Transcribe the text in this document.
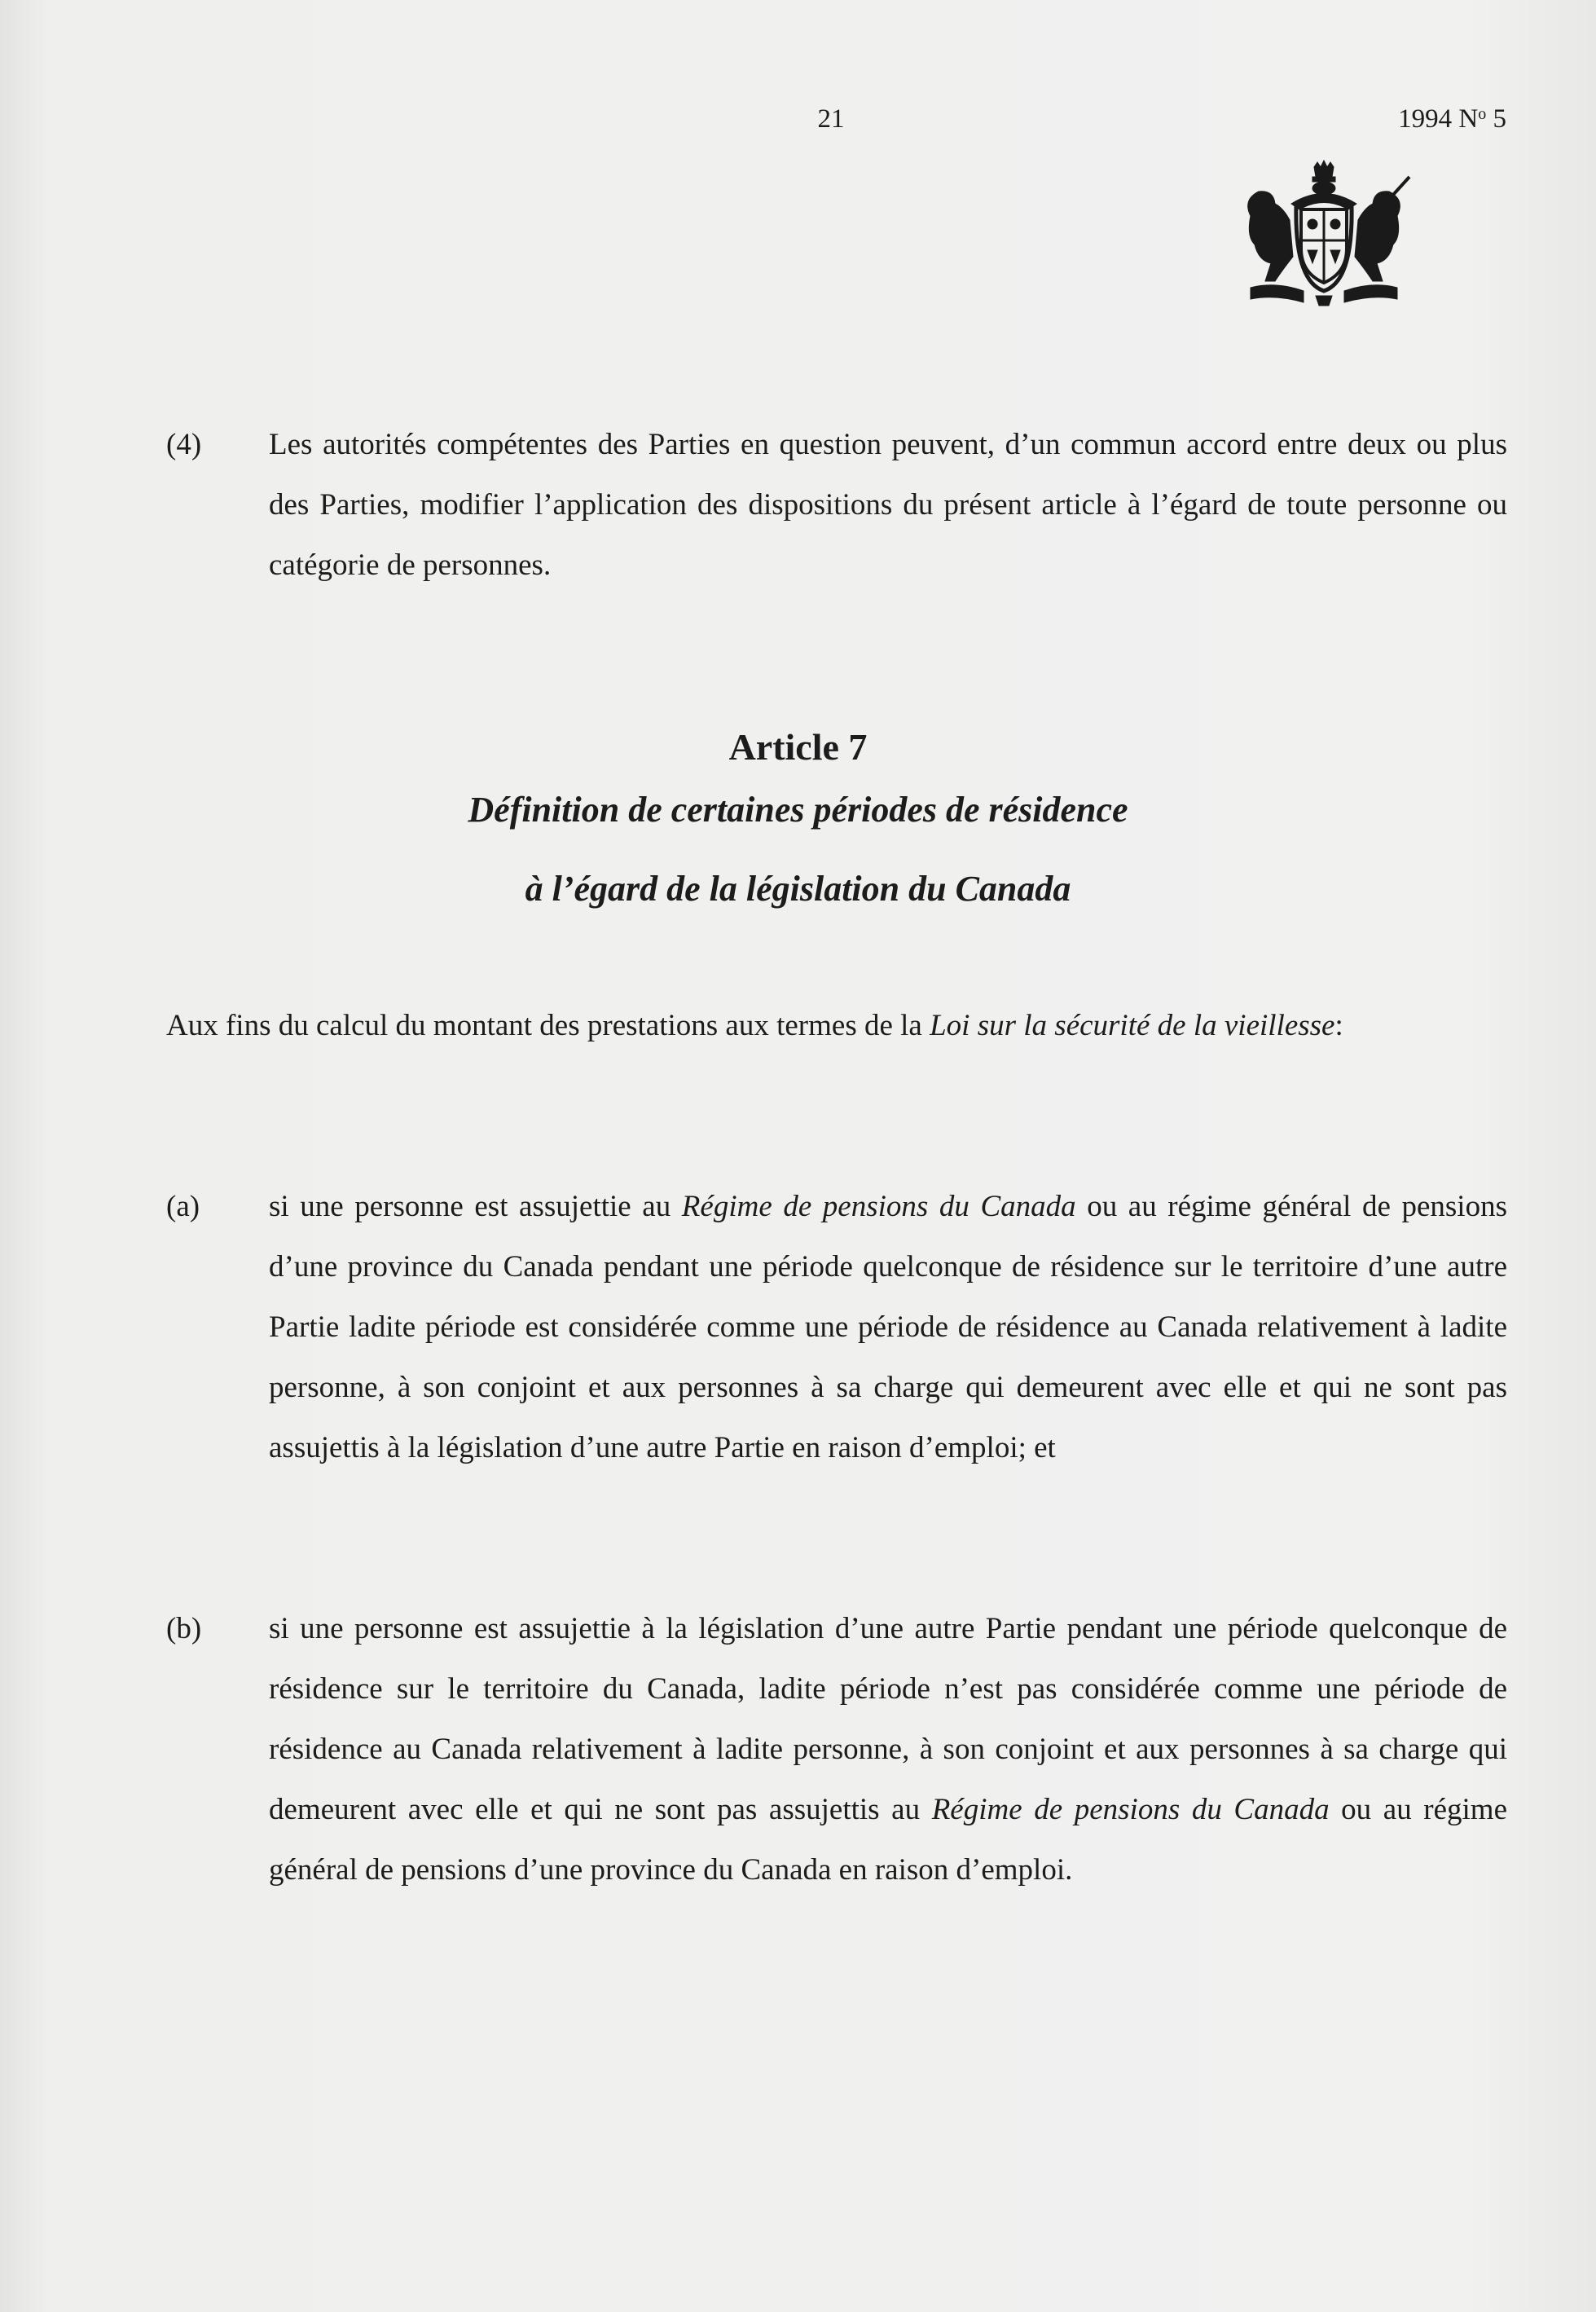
21	1994 $N^o$ 5
(4) Les autorités compétentes des Parties en question peuvent, d’un commun accord entre deux ou plus des Parties, modifier l’application des dispositions du présent article à l’égard de toute personne ou catégorie de personnes.
Article 7
Définition de certaines périodes de résidence
à l’égard de la législation du Canada
Aux fins du calcul du montant des prestations aux termes de la Loi sur la sécurité de la vieillesse:
(a) si une personne est assujettie au Régime de pensions du Canada ou au régime général de pensions d’une province du Canada pendant une période quelconque de résidence sur le territoire d’une autre Partie ladite période est considérée comme une période de résidence au Canada relativement à ladite personne, à son conjoint et aux personnes à sa charge qui demeurent avec elle et qui ne sont pas assujettis à la législation d’une autre Partie en raison d’emploi; et
(b) si une personne est assujettie à la législation d’une autre Partie pendant une période quelconque de résidence sur le territoire du Canada, ladite période n’est pas considérée comme une période de résidence au Canada relativement à ladite personne, à son conjoint et aux personnes à sa charge qui demeurent avec elle et qui ne sont pas assujettis au Régime de pensions du Canada ou au régime général de pensions d’une province du Canada en raison d’emploi.
